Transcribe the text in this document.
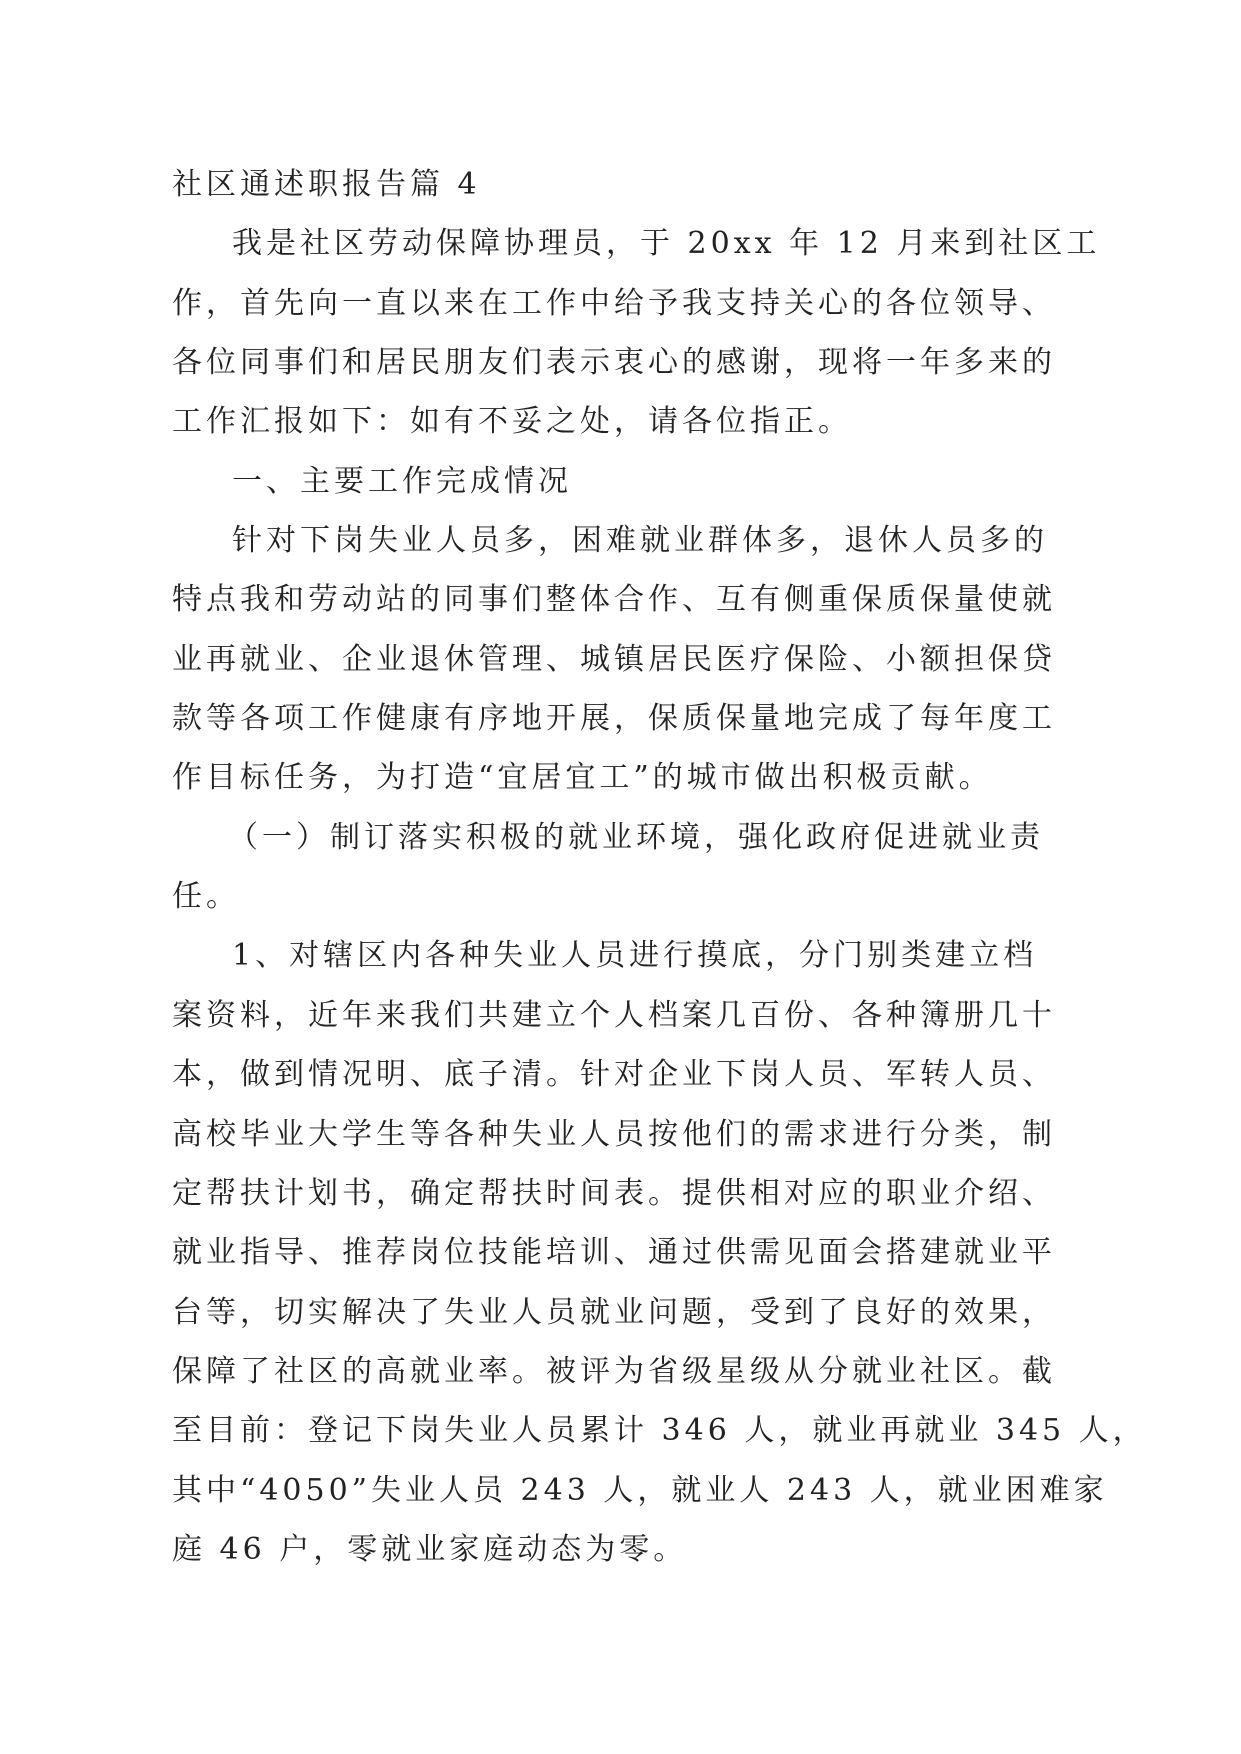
社区通述职报告篇 4
我是社区劳动保障协理员，于 20xx 年 12 月来到社区工
作，首先向一直以来在工作中给予我支持关心的各位领导、
各位同事们和居民朋友们表示衷心的感谢，现将一年多来的
工作汇报如下：如有不妥之处，请各位指正。
一、主要工作完成情况
针对下岗失业人员多，困难就业群体多，退休人员多的
特点我和劳动站的同事们整体合作、互有侧重保质保量使就
业再就业、企业退休管理、城镇居民医疗保险、小额担保贷
款等各项工作健康有序地开展，保质保量地完成了每年度工
作目标任务，为打造“宜居宜工”的城市做出积极贡献。
（一）制订落实积极的就业环境，强化政府促进就业责
任。
1、对辖区内各种失业人员进行摸底，分门别类建立档
案资料，近年来我们共建立个人档案几百份、各种簿册几十
本，做到情况明、底子清。针对企业下岗人员、军转人员、
高校毕业大学生等各种失业人员按他们的需求进行分类，制
定帮扶计划书，确定帮扶时间表。提供相对应的职业介绍、
就业指导、推荐岗位技能培训、通过供需见面会搭建就业平
台等，切实解决了失业人员就业问题，受到了良好的效果，
保障了社区的高就业率。被评为省级星级从分就业社区。截
至目前：登记下岗失业人员累计 346 人，就业再就业 345 人，
其中“4050”失业人员 243 人，就业人 243 人，就业困难家
庭 46 户，零就业家庭动态为零。
